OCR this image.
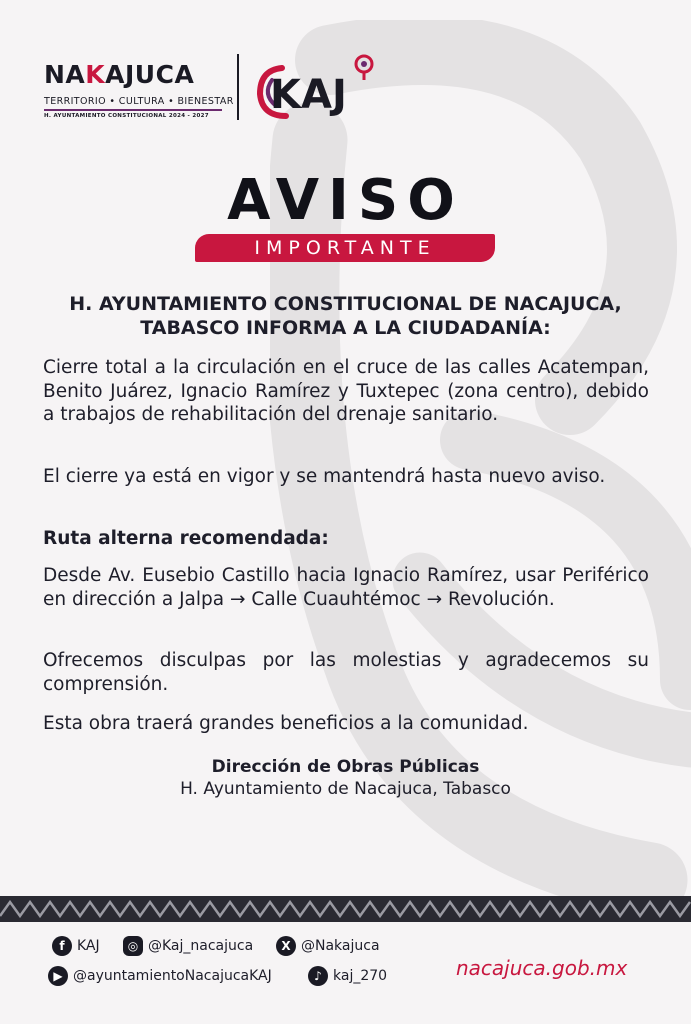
NAKAJUCA
TERRITORIO • CULTURA • BIENESTAR
H. AYUNTAMIENTO CONSTITUCIONAL 2024 - 2027 KAJ
AVISO
IMPORTANTE
H. AYUNTAMIENTO CONSTITUCIONAL DE NACAJUCA,
TABASCO INFORMA A LA CIUDADANÍA:
Cierre total a la circulación en el cruce de las calles Acatempan, Benito Juárez, Ignacio Ramírez y Tuxtepec (zona centro), debido a trabajos de rehabilitación del drenaje sanitario.
El cierre ya está en vigor y se mantendrá hasta nuevo aviso.
Ruta alterna recomendada:
Desde Av. Eusebio Castillo hacia Ignacio Ramírez, usar Periférico en dirección a Jalpa → Calle Cuauhtémoc → Revolución.
Ofrecemos disculpas por las molestias y agradecemos su comprensión.
Esta obra traerá grandes beneficios a la comunidad.
Dirección de Obras Públicas
H. Ayuntamiento de Nacajuca, Tabasco
f KAJ	◎ @Kaj_nacajuca	X @Nakajuca
▶ @ayuntamientoNacajucaKAJ	♪ kaj_270	nacajuca.gob.mx
